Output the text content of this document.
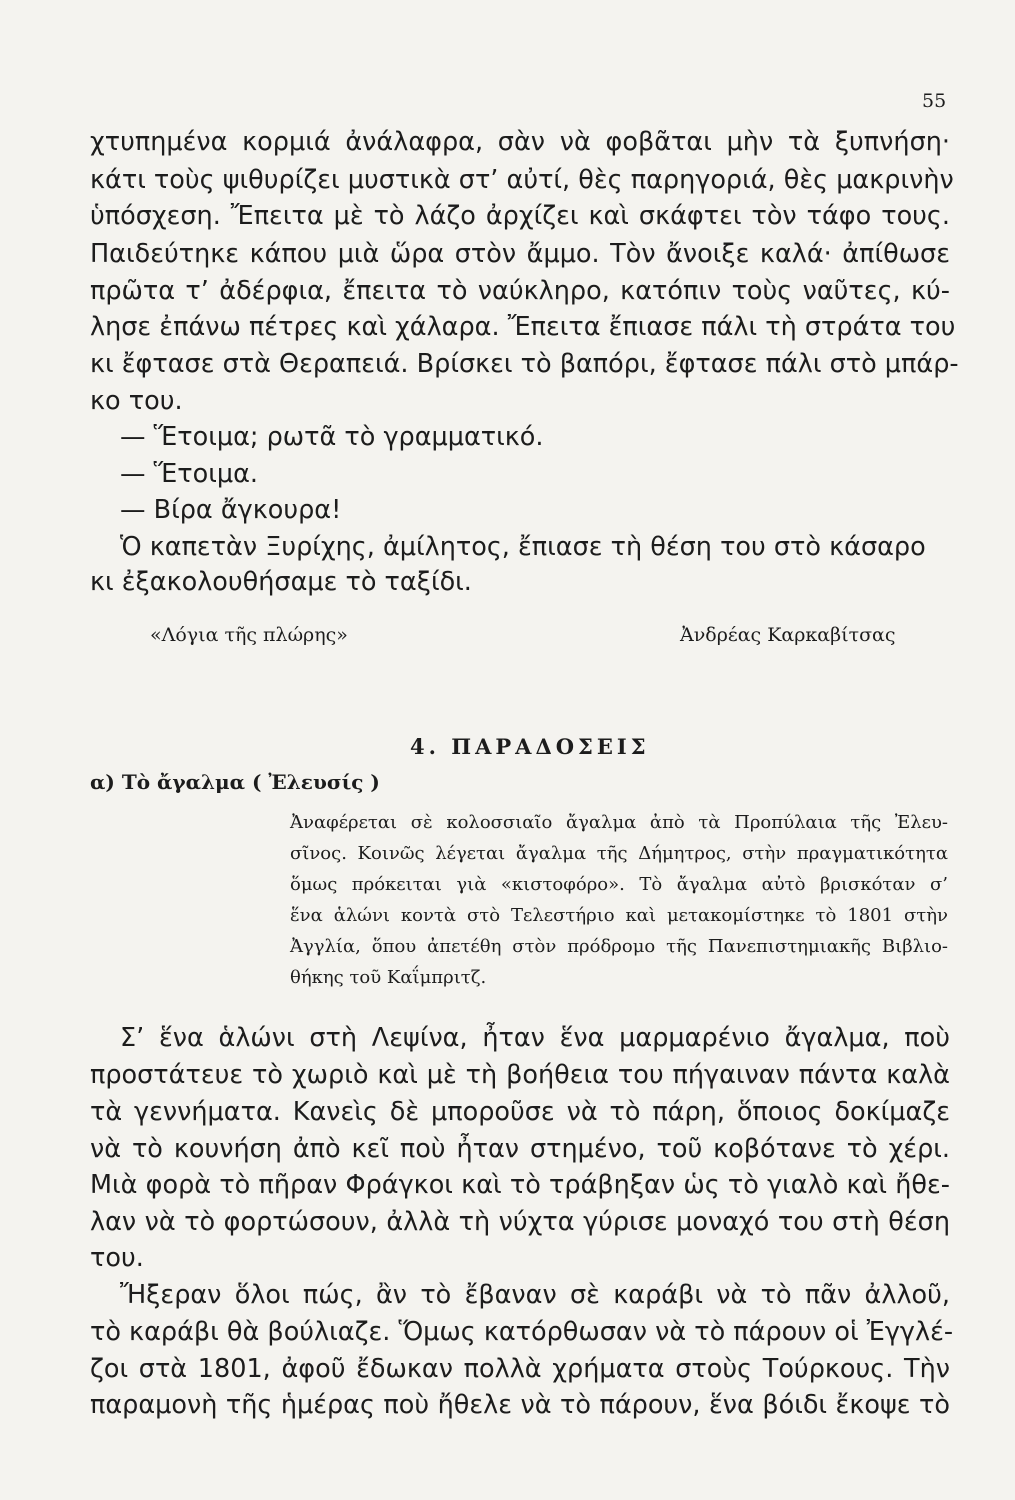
55
χτυπημένα κορμιά ἀνάλαφρα, σὰν νὰ φοβᾶται μὴν τὰ ξυπνήση·
κάτι τοὺς ψιθυρίζει μυστικὰ στ’ αὐτί, θὲς παρηγοριά, θὲς μακρινὴν
ὑπόσχεση. Ἔπειτα μὲ τὸ λάζο ἀρχίζει καὶ σκάφτει τὸν τάφο τους.
Παιδεύτηκε κάπου μιὰ ὥρα στὸν ἄμμο. Τὸν ἄνοιξε καλά· ἀπίθωσε
πρῶτα τ’ ἀδέρφια, ἔπειτα τὸ ναύκληρο, κατόπιν τοὺς ναῦτες, κύ-
λησε ἐπάνω πέτρες καὶ χάλαρα. Ἔπειτα ἔπιασε πάλι τὴ στράτα του
κι ἔφτασε στὰ Θεραπειά. Βρίσκει τὸ βαπόρι, ἔφτασε πάλι στὸ μπάρ-
κο του.
— Ἕτοιμα; ρωτᾶ τὸ γραμματικό.
— Ἕτοιμα.
— Βίρα ἄγκουρα!
Ὁ καπετὰν Ξυρίχης, ἀμίλητος, ἔπιασε τὴ θέση του στὸ κάσαρο
κι ἐξακολουθήσαμε τὸ ταξίδι.
«Λόγια τῆς πλώρης»	Ἀνδρέας Καρκαβίτσας
4. ΠΑΡΑΔΟΣΕΙΣ
α) Τὸ ἄγαλμα ( Ἐλευσίς )
Ἀναφέρεται σὲ κολοσσιαῖο ἄγαλμα ἀπὸ τὰ Προπύλαια τῆς Ἐλευ-
σῖνος. Κοινῶς λέγεται ἄγαλμα τῆς Δήμητρος, στὴν πραγματικότητα
ὅμως πρόκειται γιὰ «κιστοφόρο». Τὸ ἄγαλμα αὐτὸ βρισκόταν σ’
ἕνα ἁλώνι κοντὰ στὸ Τελεστήριο καὶ μετακομίστηκε τὸ 1801 στὴν
Ἀγγλία, ὅπου ἀπετέθη στὸν πρόδρομο τῆς Πανεπιστημιακῆς Βιβλιο-
θήκης τοῦ Καΐμπριτζ.
Σ’ ἕνα ἁλώνι στὴ Λεψίνα, ἦταν ἕνα μαρμαρένιο ἄγαλμα, ποὺ
προστάτευε τὸ χωριὸ καὶ μὲ τὴ βοήθεια του πήγαιναν πάντα καλὰ
τὰ γεννήματα. Κανεὶς δὲ μποροῦσε νὰ τὸ πάρη, ὅποιος δοκίμαζε
νὰ τὸ κουνήση ἀπὸ κεῖ ποὺ ἦταν στημένο, τοῦ κοβότανε τὸ χέρι.
Μιὰ φορὰ τὸ πῆραν Φράγκοι καὶ τὸ τράβηξαν ὡς τὸ γιαλὸ καὶ ἤθε-
λαν νὰ τὸ φορτώσουν, ἀλλὰ τὴ νύχτα γύρισε μοναχό του στὴ θέση
του.
Ἤξεραν ὅλοι πώς, ἂν τὸ ἔβαναν σὲ καράβι νὰ τὸ πᾶν ἀλλοῦ,
τὸ καράβι θὰ βούλιαζε. Ὅμως κατόρθωσαν νὰ τὸ πάρουν οἱ Ἐγγλέ-
ζοι στὰ 1801, ἀφοῦ ἔδωκαν πολλὰ χρήματα στοὺς Τούρκους. Τὴν
παραμονὴ τῆς ἡμέρας ποὺ ἤθελε νὰ τὸ πάρουν, ἕνα βόιδι ἔκοψε τὸ
